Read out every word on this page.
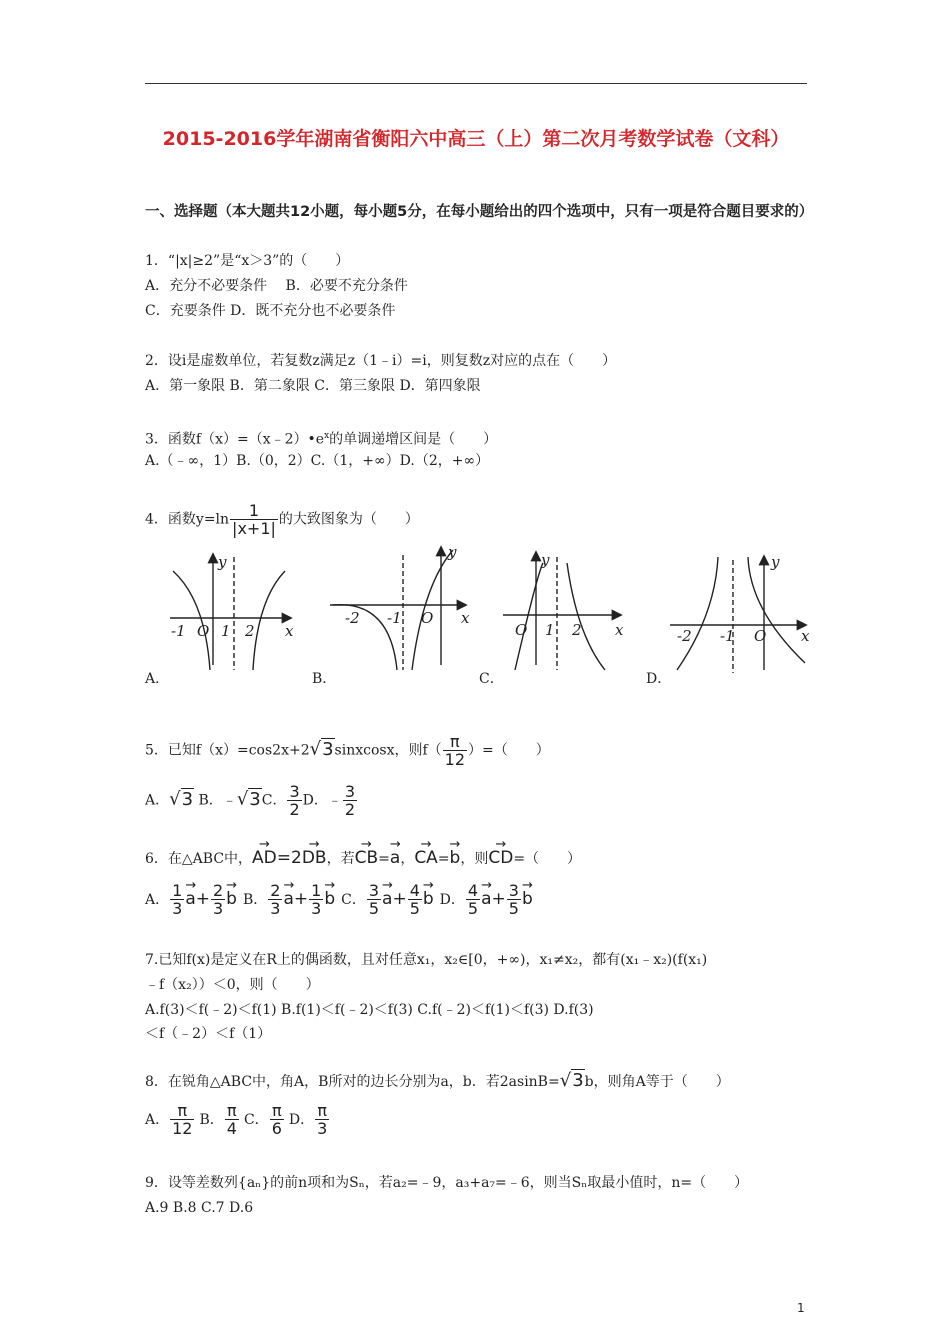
2015-2016学年湖南省衡阳六中高三（上）第二次月考数学试卷（文科）
一、选择题（本大题共12小题，每小题5分，在每小题给出的四个选项中，只有一项是符合题目要求的）
1．“|x|≥2”是“x＞3”的（　　）
A．充分不必要条件　 B．必要不充分条件
C．充要条件 D．既不充分也不必要条件
2．设i是虚数单位，若复数z满足z（1﹣i）=i，则复数z对应的点在（　　）
A．第一象限 B．第二象限 C．第三象限 D．第四象限
3．函数$f(x)=(x﹣2)•e^x$的单调递增区间是（　　）
A.（﹣∞，1）B.（0，2）C.（1，+∞）D.（2，+∞）
4．函数$y=\ln \frac{1}{|x+1|}$ 的大致图象为（　　）
y
x
O
-1 1 2
y
x
O
-2 -1
y
x
O 1 2
y
x
O
-2 -1
A．	B．	C．	D．
5．已知f（x）=cos2x+2√3sinxcosx，则$f( \frac{\pi}{12}$ ）=（　　）
A．√3 B．﹣√3C． $\frac{3}{2}$ D．﹣ $\frac{3}{2}$
6．在△ABC中，→ AD=2→ DB，若→ CB=→ a，→ CA=→ b，则→ CD=（　　）
A． $\frac{1}{3}$
→ $a+ \frac{2}{3}$
→ b B． $\frac{2}{3}$
→ $a+ \frac{1}{3}$
→ b C． $\frac{3}{5}$
→ $a+ \frac{4}{5}$
→ b D． $\frac{4}{5}$
→ $a+ \frac{3}{5}$
→ b
7.已知f(x)是定义在R上的偶函数，且对任意x₁，x₂∈[0，+∞)，x₁≠x₂，都有(x₁﹣x₂)(f(x₁)
﹣f（x₂））＜0，则（　　）
A.f(3)＜f(﹣2)＜f(1) B.f(1)＜f(﹣2)＜f(3) C.f(﹣2)＜f(1)＜f(3) D.f(3)
＜f（﹣2）＜f（1）
8．在锐角△ABC中，角A，B所对的边长分别为a，b．若2asinB=√3b，则角A等于（　　）
A． $\frac{\pi}{12}$ B． $\frac{\pi}{4}$ C． $\frac{\pi}{6}$ D． $\frac{\pi}{3}$
9．设等差数列{aₙ}的前n项和为Sₙ，若a₂=﹣9，a₃+a₇=﹣6，则当Sₙ取最小值时，n=（　　）
A.9 B.8 C.7 D.6
1
